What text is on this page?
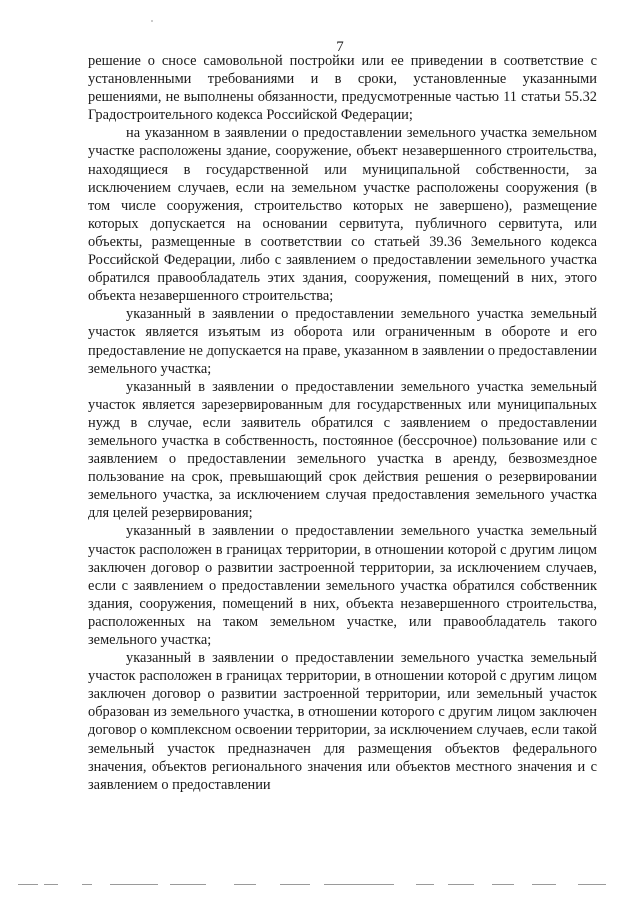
7

решение о сносе самовольной постройки или ее приведении в соответствие с установленными требованиями и в сроки, установленные указанными решениями, не выполнены обязанности, предусмотренные частью 11 статьи 55.32 Градостроительного кодекса Российской Федерации;

на указанном в заявлении о предоставлении земельного участка земельном участке расположены здание, сооружение, объект незавершенного строительства, находящиеся в государственной или муниципальной собственности, за исключением случаев, если на земельном участке расположены сооружения (в том числе сооружения, строительство которых не завершено), размещение которых допускается на основании сервитута, публичного сервитута, или объекты, размещенные в соответствии со статьей 39.36 Земельного кодекса Российской Федерации, либо с заявлением о предоставлении земельного участка обратился правообладатель этих здания, сооружения, помещений в них, этого объекта незавершенного строительства;

указанный в заявлении о предоставлении земельного участка земельный участок является изъятым из оборота или ограниченным в обороте и его предоставление не допускается на праве, указанном в заявлении о предоставлении земельного участка;

указанный в заявлении о предоставлении земельного участка земельный участок является зарезервированным для государственных или муниципальных нужд в случае, если заявитель обратился с заявлением о предоставлении земельного участка в собственность, постоянное (бессрочное) пользование или с заявлением о предоставлении земельного участка в аренду, безвозмездное пользование на срок, превышающий срок действия решения о резервировании земельного участка, за исключением случая предоставления земельного участка для целей резервирования;

указанный в заявлении о предоставлении земельного участка земельный участок расположен в границах территории, в отношении которой с другим лицом заключен договор о развитии застроенной территории, за исключением случаев, если с заявлением о предоставлении земельного участка обратился собственник здания, сооружения, помещений в них, объекта незавершенного строительства, расположенных на таком земельном участке, или правообладатель такого земельного участка;

указанный в заявлении о предоставлении земельного участка земельный участок расположен в границах территории, в отношении которой с другим лицом заключен договор о развитии застроенной территории, или земельный участок образован из земельного участка, в отношении которого с другим лицом заключен договор о комплексном освоении территории, за исключением случаев, если такой земельный участок предназначен для размещения объектов федерального значения, объектов регионального значения или объектов местного значения и с заявлением о предоставлении
